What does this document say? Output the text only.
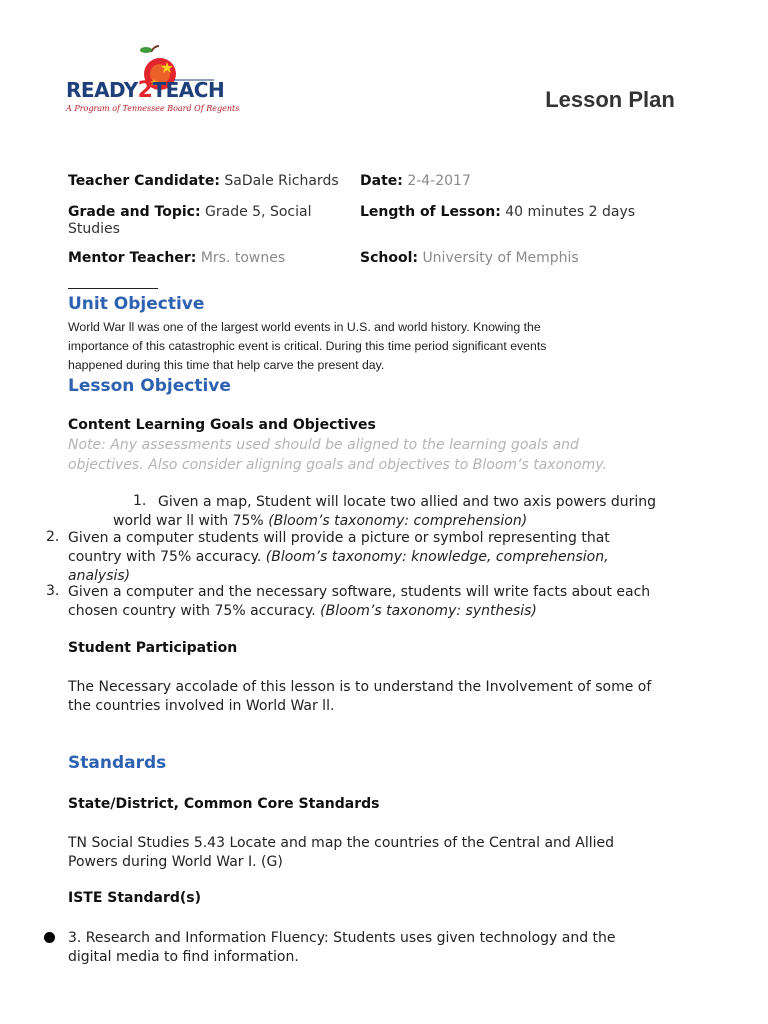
READY2TEACH
A Program of Tennessee Board Of Regents	Lesson Plan
Teacher Candidate: SaDale Richards Date: 2-4-2017
Grade and Topic: Grade 5, Social Studies
Length of Lesson: 40 minutes 2 days
Mentor Teacher: Mrs. townes	School: University of Memphis
Unit Objective
World War ll was one of the largest world events in U.S. and world history. Knowing the
importance of this catastrophic event is critical. During this time period significant events
happened during this time that help carve the present day.
Lesson Objective
Content Learning Goals and Objectives
Note: Any assessments used should be aligned to the learning goals and
objectives. Also consider aligning goals and objectives to Bloom’s taxonomy.
1. Given a map, Student will locate two allied and two axis powers during
world war ll with 75% (Bloom’s taxonomy: comprehension)
2. Given a computer students will provide a picture or symbol representing that
country with 75% accuracy. (Bloom’s taxonomy: knowledge, comprehension,
analysis)
3. Given a computer and the necessary software, students will write facts about each
chosen country with 75% accuracy. (Bloom’s taxonomy: synthesis)
Student Participation
The Necessary accolade of this lesson is to understand the Involvement of some of
the countries involved in World War ll.
Standards
State/District, Common Core Standards
TN Social Studies 5.43 Locate and map the countries of the Central and Allied
Powers during World War I. (G)
ISTE Standard(s)
3. Research and Information Fluency: Students uses given technology and the
digital media to find information.
